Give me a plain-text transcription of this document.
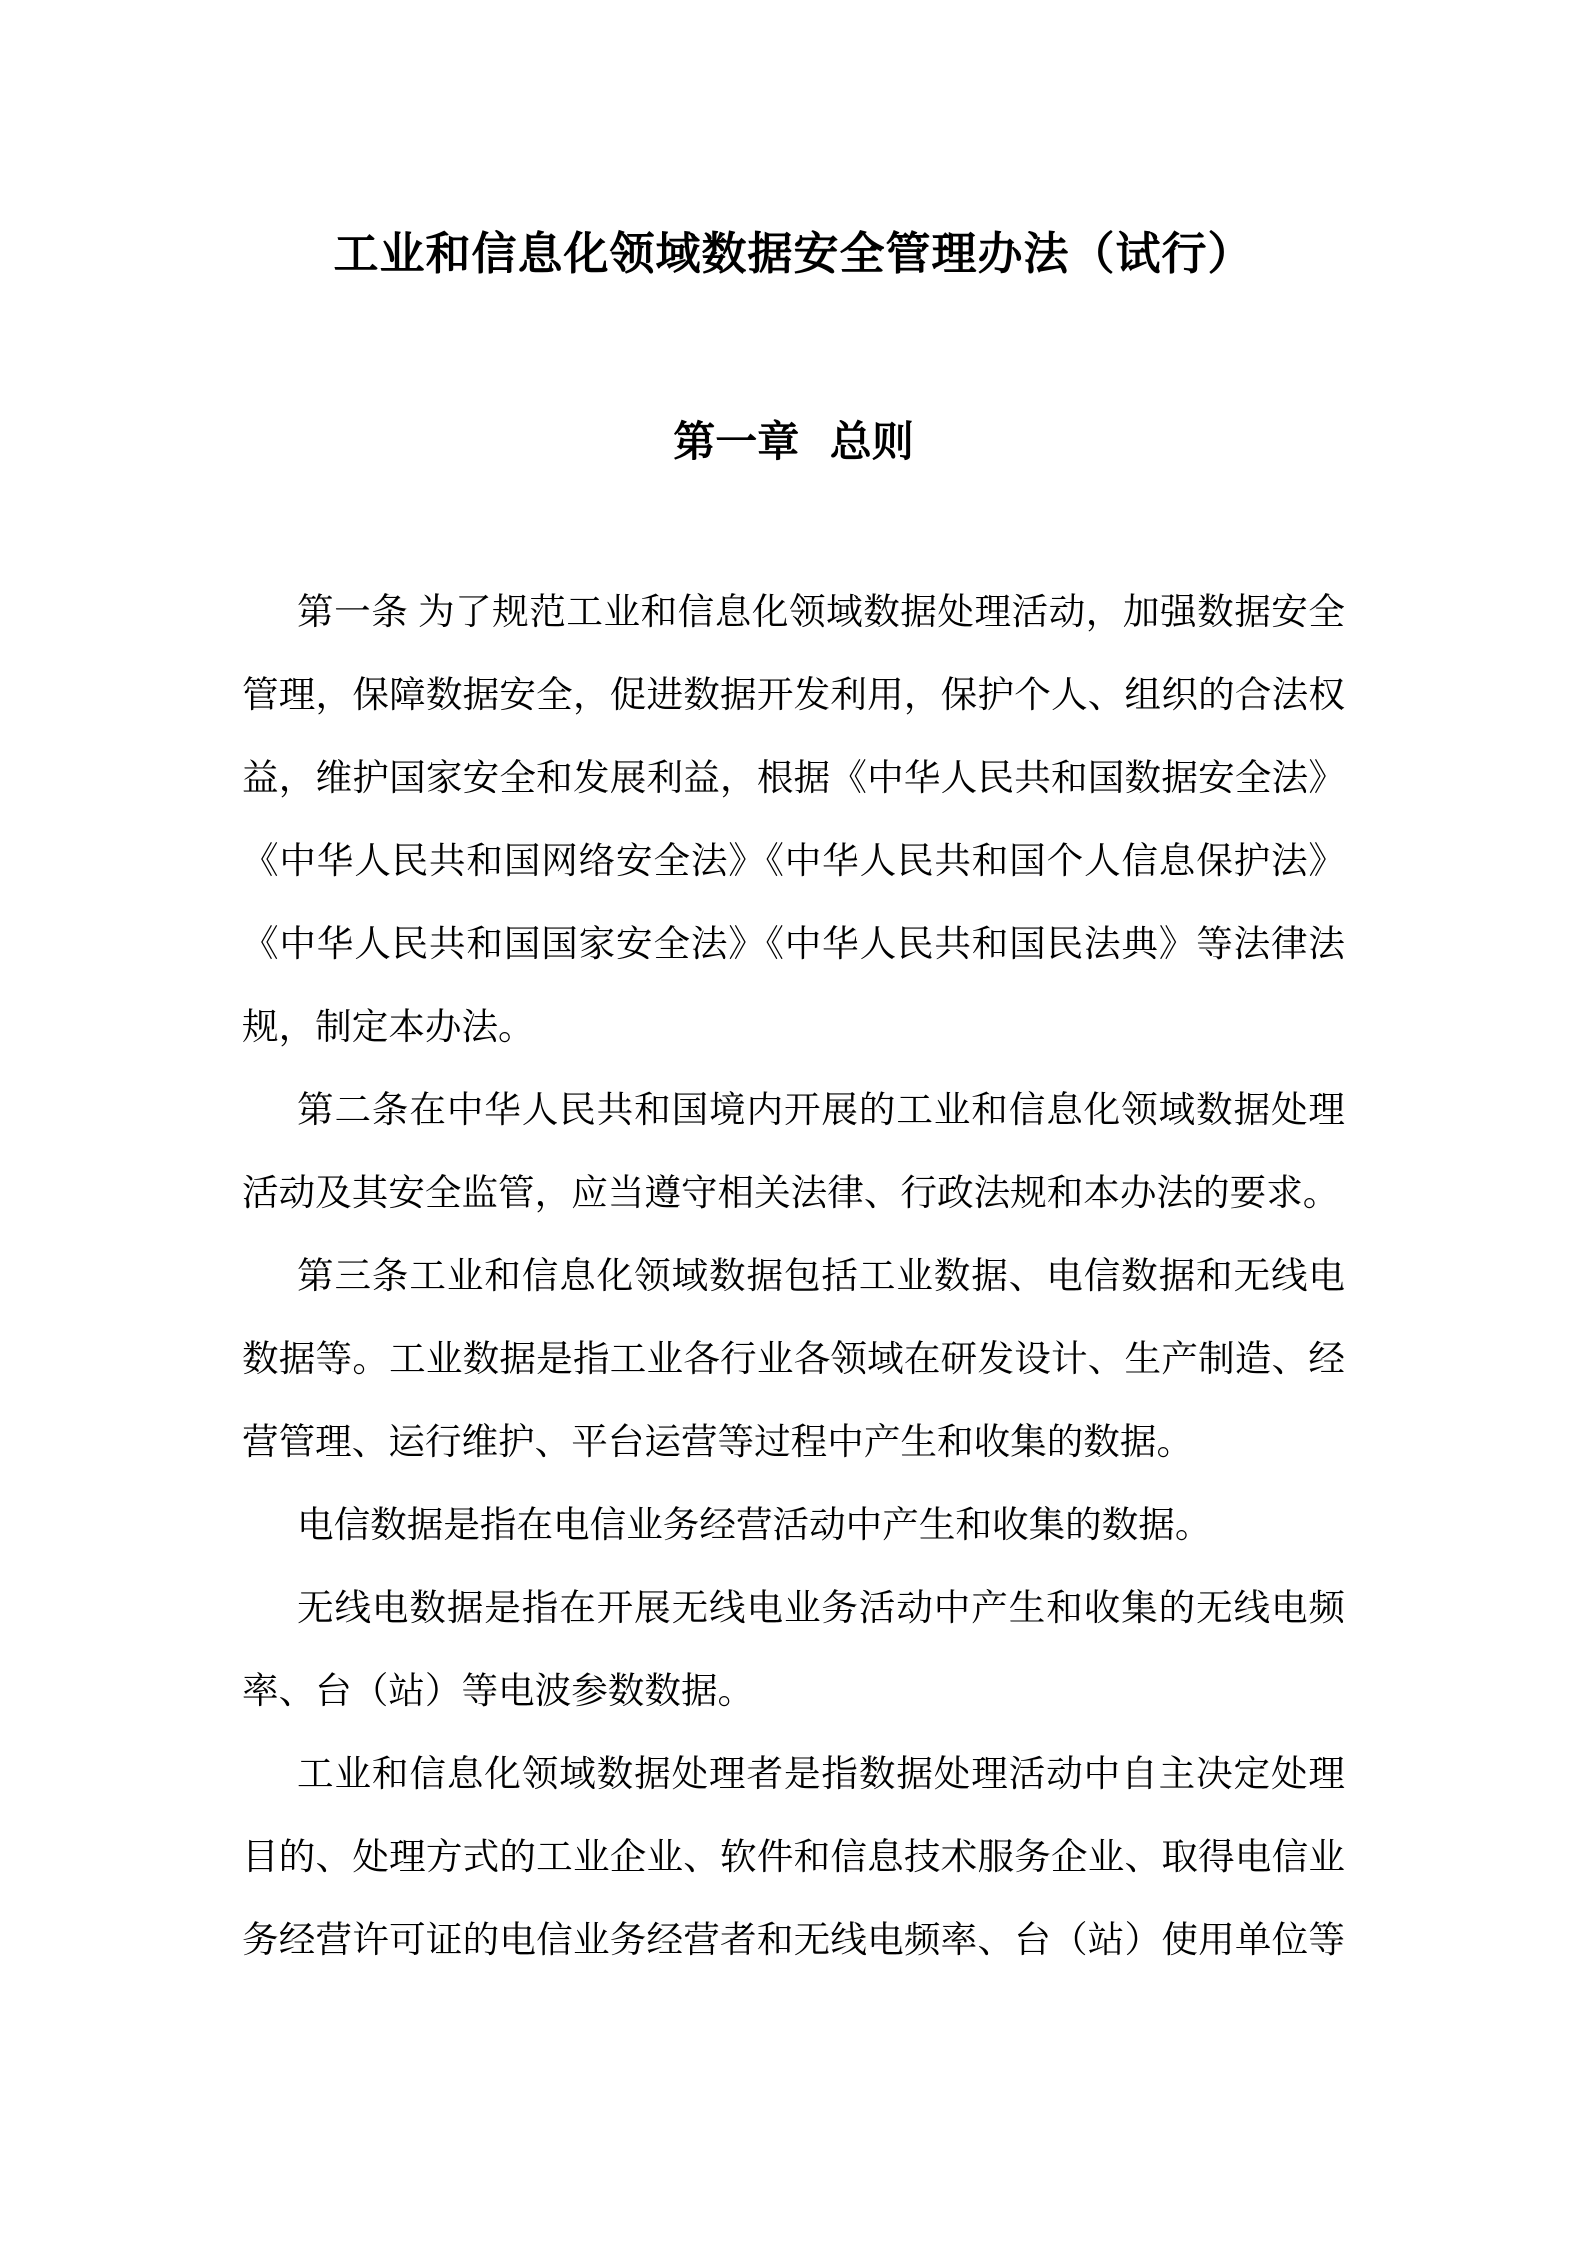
工业和信息化领域数据安全管理办法（试行）
第一章 总则
第一条 为了规范工业和信息化领域数据处理活动，加强数据安全
管理，保障数据安全，促进数据开发利用，保护个人、组织的合法权
益，维护国家安全和发展利益，根据《中华人民共和国数据安全法》
《中华人民共和国网络安全法》《中华人民共和国个人信息保护法》
《中华人民共和国国家安全法》《中华人民共和国民法典》等法律法
规，制定本办法。
第二条在中华人民共和国境内开展的工业和信息化领域数据处理
活动及其安全监管，应当遵守相关法律、行政法规和本办法的要求。
第三条工业和信息化领域数据包括工业数据、电信数据和无线电
数据等。工业数据是指工业各行业各领域在研发设计、生产制造、经
营管理、运行维护、平台运营等过程中产生和收集的数据。
电信数据是指在电信业务经营活动中产生和收集的数据。
无线电数据是指在开展无线电业务活动中产生和收集的无线电频
率、台（站）等电波参数数据。
工业和信息化领域数据处理者是指数据处理活动中自主决定处理
目的、处理方式的工业企业、软件和信息技术服务企业、取得电信业
务经营许可证的电信业务经营者和无线电频率、台（站）使用单位等
